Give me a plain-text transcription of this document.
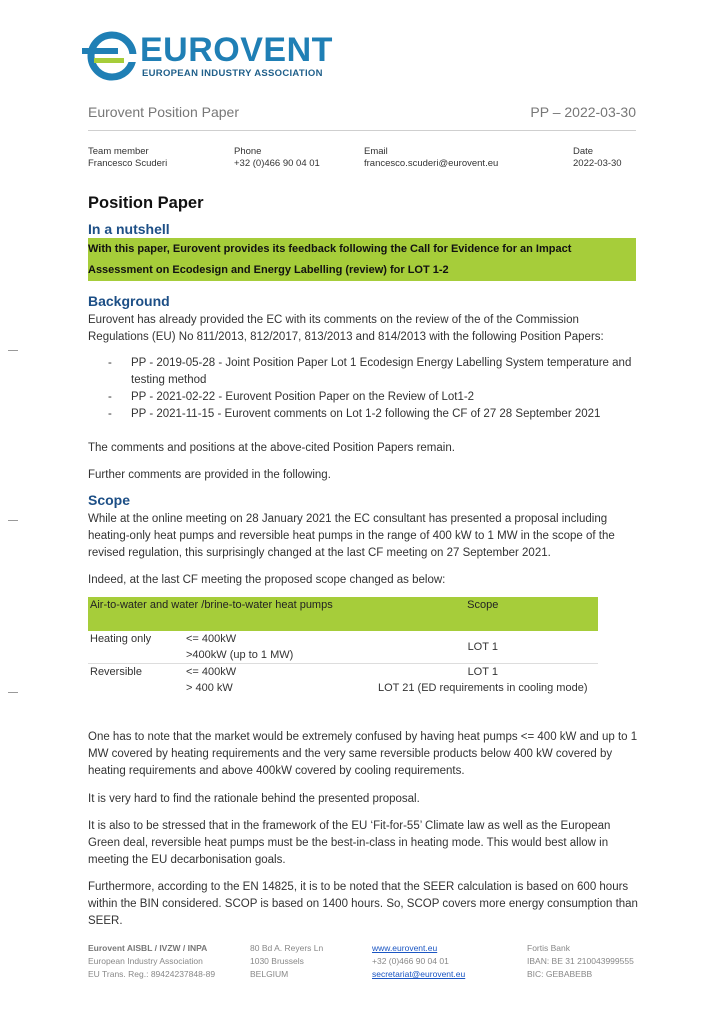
EUROVENT
EUROPEAN INDUSTRY ASSOCIATION
Eurovent Position Paper	PP – 2022-03-30
Team member
Francesco Scuderi
Phone
+32 (0)466 90 04 01
Email
francesco.scuderi@eurovent.eu
Date
2022-03-30
Position Paper
In a nutshell

With this paper, Eurovent provides its feedback following the Call for Evidence for an Impact

Assessment on Ecodesign and Energy Labelling (review) for LOT 1-2

Background

Eurovent has already provided the EC with its comments on the review of the of the Commission Regulations (EU) No 811/2013, 812/2017, 813/2013 and 814/2013 with the following Position Papers:

- PP - 2019-05-28 - Joint Position Paper Lot 1 Ecodesign Energy Labelling System temperature and testing method
- PP - 2021-02-22 - Eurovent Position Paper on the Review of Lot1-2
- PP - 2021-11-15 - Eurovent comments on Lot 1-2 following the CF of 27 28 September 2021

The comments and positions at the above-cited Position Papers remain.

Further comments are provided in the following.

Scope

While at the online meeting on 28 January 2021 the EC consultant has presented a proposal including heating-only heat pumps and reversible heat pumps in the range of 400 kW to 1 MW in the scope of the revised regulation, this surprisingly changed at the last CF meeting on 27 September 2021.

Indeed, at the last CF meeting the proposed scope changed as below:

Air-to-water and water /brine-to-water heat pumps		Scope
Heating only	<= 400kW	LOT 1
	>400kW (up to 1 MW)	
Reversible	<= 400kW	LOT 1
	> 400 kW	LOT 21 (ED requirements in cooling mode)

One has to note that the market would be extremely confused by having heat pumps <= 400 kW and up to 1 MW covered by heating requirements and the very same reversible products below 400 kW covered by heating requirements and above 400kW covered by cooling requirements.

It is very hard to find the rationale behind the presented proposal.

It is also to be stressed that in the framework of the EU ‘Fit-for-55’ Climate law as well as the European Green deal, reversible heat pumps must be the best-in-class in heating mode. This would best allow in meeting the EU decarbonisation goals.

Furthermore, according to the EN 14825, it is to be noted that the SEER calculation is based on 600 hours within the BIN considered. SCOP is based on 1400 hours. So, SCOP covers more energy consumption than SEER.

Eurovent AISBL / IVZW / INPA
European Industry Association
EU Trans. Reg.: 89424237848-89
80 Bd A. Reyers Ln
1030 Brussels
BELGIUM
www.eurovent.eu
+32 (0)466 90 04 01
secretariat@eurovent.eu
Fortis Bank
IBAN: BE 31 210043999555
BIC: GEBABEBB
